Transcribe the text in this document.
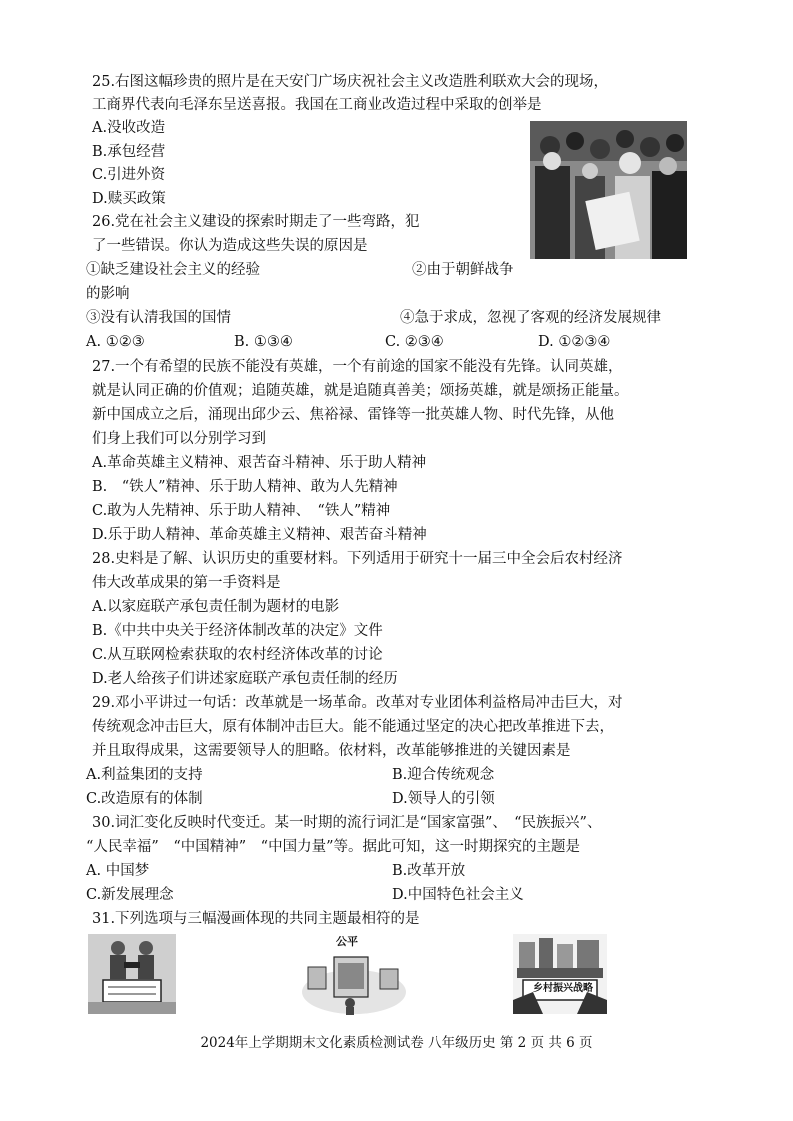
25.右图这幅珍贵的照片是在天安门广场庆祝社会主义改造胜利联欢大会的现场，
工商界代表向毛泽东呈送喜报。我国在工商业改造过程中采取的创举是
A.没收改造
B.承包经营
C.引进外资
D.赎买政策
26.党在社会主义建设的探索时期走了一些弯路，犯
了一些错误。你认为造成这些失误的原因是
①缺乏建设社会主义的经验	②由于朝鲜战争
的影响
③没有认清我国的国情	④急于求成，忽视了客观的经济发展规律
A. ①②③	B. ①③④	C. ②③④	D. ①②③④
27.一个有希望的民族不能没有英雄，一个有前途的国家不能没有先锋。认同英雄，
就是认同正确的价值观；追随英雄，就是追随真善美；颂扬英雄，就是颂扬正能量。
新中国成立之后，涌现出邱少云、焦裕禄、雷锋等一批英雄人物、时代先锋，从他
们身上我们可以分别学习到
A.革命英雄主义精神、艰苦奋斗精神、乐于助人精神
B.　“铁人”精神、乐于助人精神、敢为人先精神
C.敢为人先精神、乐于助人精神、　“铁人”精神
D.乐于助人精神、革命英雄主义精神、艰苦奋斗精神
28.史料是了解、认识历史的重要材料。下列适用于研究十一届三中全会后农村经济
伟大改革成果的第一手资料是
A.以家庭联产承包责任制为题材的电影
B.《中共中央关于经济体制改革的决定》文件
C.从互联网检索获取的农村经济体改革的讨论
D.老人给孩子们讲述家庭联产承包责任制的经历
29.邓小平讲过一句话：改革就是一场革命。改革对专业团体利益格局冲击巨大，对
传统观念冲击巨大，原有体制冲击巨大。能不能通过坚定的决心把改革推进下去，
并且取得成果，这需要领导人的胆略。依材料，改革能够推进的关键因素是
A.利益集团的支持	B.迎合传统观念
C.改造原有的体制	D.领导人的引领
30.词汇变化反映时代变迁。某一时期的流行词汇是“国家富强”、　“民族振兴”、
“人民幸福”　“中国精神”　“中国力量”等。据此可知，这一时期探究的主题是
A. 中国梦	B.改革开放
C.新发展理念	D.中国特色社会主义
31.下列选项与三幅漫画体现的共同主题最相符的是
公平
乡村振兴战略
2024年上学期期末文化素质检测试卷 八年级历史 第 2 页 共 6 页
